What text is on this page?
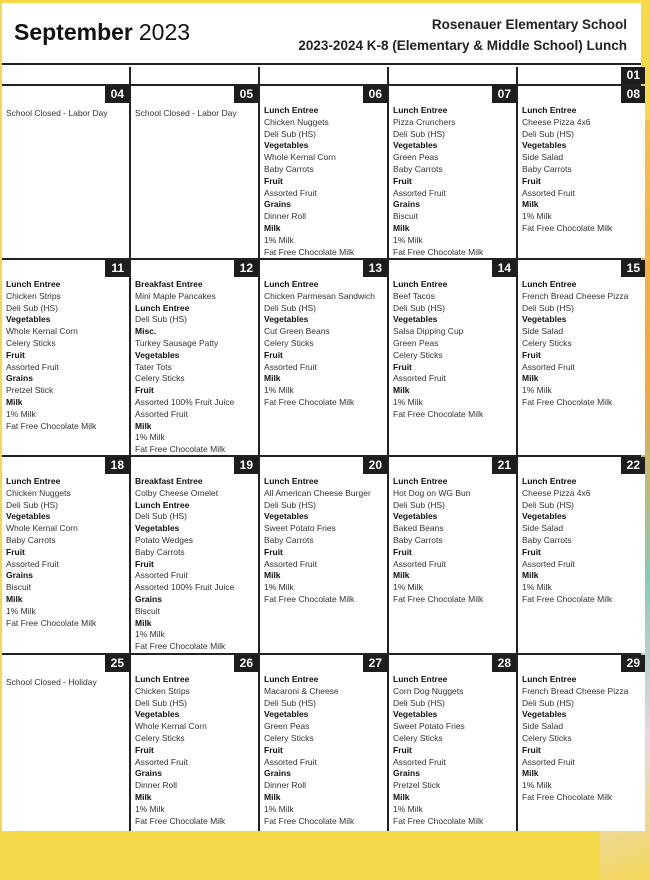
September 2023	Rosenauer Elementary School
2023-2024 K-8 (Elementary & Middle School) Lunch
01
04
School Closed - Labor Day
05
School Closed - Labor Day
06
Lunch Entree
Chicken Nuggets
Deli Sub (HS)
Vegetables
Whole Kernal Corn
Baby Carrots
Fruit
Assorted Fruit
Grains
Dinner Roll
Milk
1% Milk
Fat Free Chocolate Milk
07
Lunch Entree
Pizza Crunchers
Deli Sub (HS)
Vegetables
Green Peas
Baby Carrots
Fruit
Assorted Fruit
Grains
Biscuit
Milk
1% Milk
Fat Free Chocolate Milk
08
Lunch Entree
Cheese Pizza 4x6
Deli Sub (HS)
Vegetables
Side Salad
Baby Carrots
Fruit
Assorted Fruit
Milk
1% Milk
Fat Free Chocolate Milk
11
Lunch Entree
Chicken Strips
Deli Sub (HS)
Vegetables
Whole Kernal Corn
Celery Sticks
Fruit
Assorted Fruit
Grains
Pretzel Stick
Milk
1% Milk
Fat Free Chocolate Milk
12
Breakfast Entree
Mini Maple Pancakes
Lunch Entree
Deli Sub (HS)
Misc.
Turkey Sausage Patty
Vegetables
Tater Tots
Celery Sticks
Fruit
Assorted 100% Fruit Juice
Assorted Fruit
Milk
1% Milk
Fat Free Chocolate Milk
13
Lunch Entree
Chicken Parmesan Sandwich
Deli Sub (HS)
Vegetables
Cut Green Beans
Celery Sticks
Fruit
Assorted Fruit
Milk
1% Milk
Fat Free Chocolate Milk
14
Lunch Entree
Beef Tacos
Deli Sub (HS)
Vegetables
Salsa Dipping Cup
Green Peas
Celery Sticks
Fruit
Assorted Fruit
Milk
1% Milk
Fat Free Chocolate Milk
15
Lunch Entree
French Bread Cheese Pizza
Deli Sub (HS)
Vegetables
Side Salad
Celery Sticks
Fruit
Assorted Fruit
Milk
1% Milk
Fat Free Chocolate Milk
18
Lunch Entree
Chicken Nuggets
Deli Sub (HS)
Vegetables
Whole Kernal Corn
Baby Carrots
Fruit
Assorted Fruit
Grains
Biscuit
Milk
1% Milk
Fat Free Chocolate Milk
19
Breakfast Entree
Colby Cheese Omelet
Lunch Entree
Deli Sub (HS)
Vegetables
Potato Wedges
Baby Carrots
Fruit
Assorted Fruit
Assorted 100% Fruit Juice
Grains
Biscuit
Milk
1% Milk
Fat Free Chocolate Milk
20
Lunch Entree
All American Cheese Burger
Deli Sub (HS)
Vegetables
Sweet Potato Fries
Baby Carrots
Fruit
Assorted Fruit
Milk
1% Milk
Fat Free Chocolate Milk
21
Lunch Entree
Hot Dog on WG Bun
Deli Sub (HS)
Vegetables
Baked Beans
Baby Carrots
Fruit
Assorted Fruit
Milk
1% Milk
Fat Free Chocolate Milk
22
Lunch Entree
Cheese Pizza 4x6
Deli Sub (HS)
Vegetables
Side Salad
Baby Carrots
Fruit
Assorted Fruit
Milk
1% Milk
Fat Free Chocolate Milk
25
School Closed - Holiday
26
Lunch Entree
Chicken Strips
Deli Sub (HS)
Vegetables
Whole Kernal Corn
Celery Sticks
Fruit
Assorted Fruit
Grains
Dinner Roll
Milk
1% Milk
Fat Free Chocolate Milk
27
Lunch Entree
Macaroni & Cheese
Deli Sub (HS)
Vegetables
Green Peas
Celery Sticks
Fruit
Assorted Fruit
Grains
Dinner Roll
Milk
1% Milk
Fat Free Chocolate Milk
28
Lunch Entree
Corn Dog Nuggets
Deli Sub (HS)
Vegetables
Sweet Potato Fries
Celery Sticks
Fruit
Assorted Fruit
Grains
Pretzel Stick
Milk
1% Milk
Fat Free Chocolate Milk
29
Lunch Entree
French Bread Cheese Pizza
Deli Sub (HS)
Vegetables
Side Salad
Celery Sticks
Fruit
Assorted Fruit
Milk
1% Milk
Fat Free Chocolate Milk
